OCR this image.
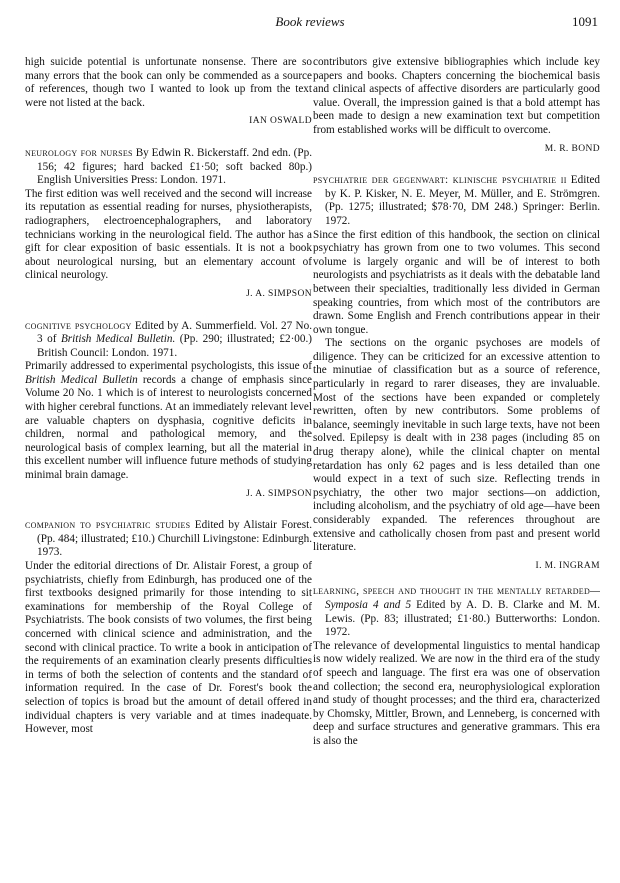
Book reviews	1091

high suicide potential is unfortunate nonsense. There are so many errors that the book can only be commended as a source of references, though two I wanted to look up from the text were not listed at the back.

IAN OSWALD

neurology for nurses By Edwin R. Bickerstaff. 2nd edn. (Pp. 156; 42 figures; hard backed £1·50; soft backed 80p.) English Universities Press: London. 1971.

The first edition was well received and the second will increase its reputation as essential reading for nurses, physiotherapists, radiographers, electroencephalographers, and laboratory technicians working in the neurological field. The author has a gift for clear exposition of basic essentials. It is not a book about neurological nursing, but an elementary account of clinical neurology.

J. A. SIMPSON

cognitive psychology Edited by A. Summerfield. Vol. 27 No. 3 of British Medical Bulletin. (Pp. 290; illustrated; £2·00.) British Council: London. 1971.

Primarily addressed to experimental psychologists, this issue of British Medical Bulletin records a change of emphasis since Volume 20 No. 1 which is of interest to neurologists concerned with higher cerebral functions. At an immediately relevant level are valuable chapters on dysphasia, cognitive deficits in children, normal and pathological memory, and the neurological basis of complex learning, but all the material in this excellent number will influence future methods of studying minimal brain damage.

J. A. SIMPSON

companion to psychiatric studies Edited by Alistair Forest. (Pp. 484; illustrated; £10.) Churchill Livingstone: Edinburgh. 1973.

Under the editorial directions of Dr. Alistair Forest, a group of psychiatrists, chiefly from Edinburgh, has produced one of the first textbooks designed primarily for those intending to sit examinations for membership of the Royal College of Psychiatrists. The book consists of two volumes, the first being concerned with clinical science and administration, and the second with clinical practice. To write a book in anticipation of the requirements of an examination clearly presents difficulties in terms of both the selection of contents and the standard of information required. In the case of Dr. Forest's book the selection of topics is broad but the amount of detail offered in individual chapters is very variable and at times inadequate. However, most

contributors give extensive bibliographies which include key papers and books. Chapters concerning the biochemical basis and clinical aspects of affective disorders are particularly good value. Overall, the impression gained is that a bold attempt has been made to design a new examination text but competition from established works will be difficult to overcome.

M. R. BOND

psychiatrie der gegenwart: klinische psychiatrie ii Edited by K. P. Kisker, N. E. Meyer, M. Müller, and E. Strömgren. (Pp. 1275; illustrated; $78·70, DM 248.) Springer: Berlin. 1972.

Since the first edition of this handbook, the section on clinical psychiatry has grown from one to two volumes. This second volume is largely organic and will be of interest to both neurologists and psychiatrists as it deals with the debatable land between their specialties, traditionally less divided in German speaking countries, from which most of the contributors are drawn. Some English and French contributions appear in their own tongue.

The sections on the organic psychoses are models of diligence. They can be criticized for an excessive attention to the minutiae of classification but as a source of reference, particularly in regard to rarer diseases, they are invaluable. Most of the sections have been expanded or completely rewritten, often by new contributors. Some problems of balance, seemingly inevitable in such large texts, have not been solved. Epilepsy is dealt with in 238 pages (including 85 on drug therapy alone), while the clinical chapter on mental retardation has only 62 pages and is less detailed than one would expect in a text of such size. Reflecting trends in psychiatry, the other two major sections—on addiction, including alcoholism, and the psychiatry of old age—have been considerably expanded. The references throughout are extensive and catholically chosen from past and present world literature.

I. M. INGRAM

learning, speech and thought in the mentally retarded—Symposia 4 and 5 Edited by A. D. B. Clarke and M. M. Lewis. (Pp. 83; illustrated; £1·80.) Butterworths: London. 1972.

The relevance of developmental linguistics to mental handicap is now widely realized. We are now in the third era of the study of speech and language. The first era was one of observation and collection; the second era, neurophysiological exploration and study of thought processes; and the third era, characterized by Chomsky, Mittler, Brown, and Lenneberg, is concerned with deep and surface structures and generative grammars. This era is also the
